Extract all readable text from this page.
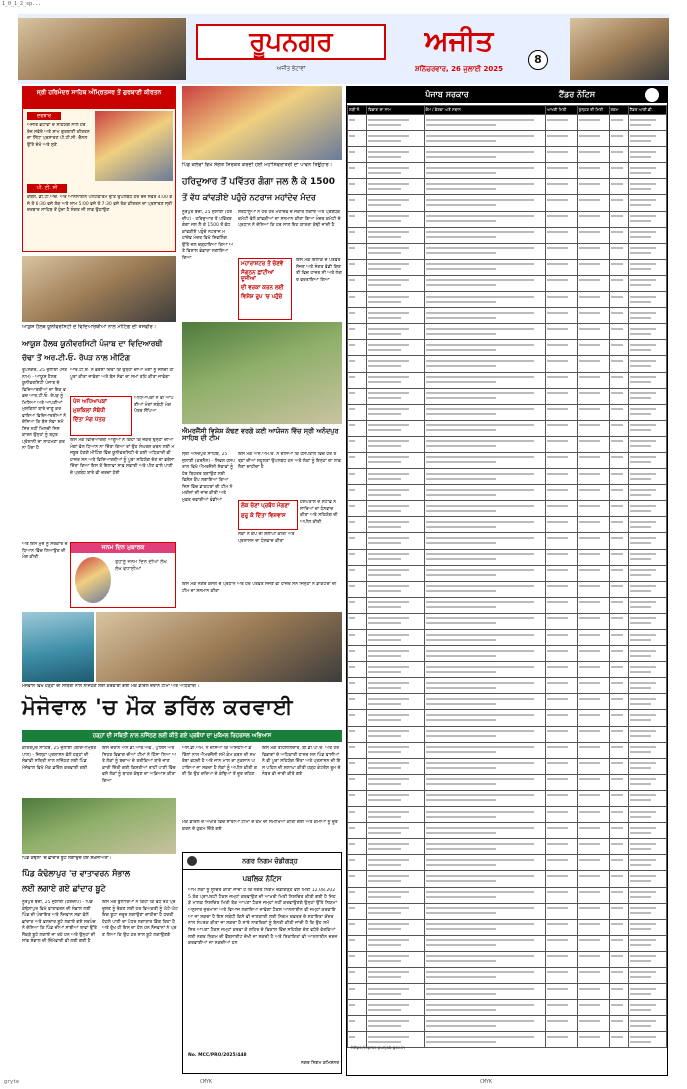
1_0_1_2_sp...
gryte	CMYK	CMYK
ਰੂਪਨਗਰ	ਅਜੀਤ
ਅਜੀਤ ਭੇਟਾਵਾਂ	ਸ਼ਨਿੱਚਰਵਾਰ, 26 ਜੁਲਾਈ 2025
8
ਸ੍ਰੀ ਹਰਿਮੰਦਰ ਸਾਹਿਬ ਅੰਮ੍ਰਿਤਸਰ ਤੋਂ ਗੁਰਬਾਣੀ ਕੀਰਤਨ
ਦਰਬਾਰ
ਅਜੀਤ ਭੇਟਾਵਾਂ ਦੇ ਸਹਿਯੋਗ ਨਾਲ ਹਰ ਰੋਜ਼ ਸਵੇਰੇ ਅਤੇ ਸ਼ਾਮ ਗੁਰਬਾਣੀ ਕੀਰਤਨ ਦਾ ਸਿੱਧਾ ਪ੍ਰਸਾਰਣ ਪੀ.ਟੀ.ਸੀ. ਚੈਨਲ ਉੱਤੇ ਦੇਖੋ ਅਤੇ ਸੁਣੋ
ਪੀ. ਟੀ. ਸੀ
ਕੇਬਲ, ਡੀ.ਟੀ.ਐੱਚ. ਅਤੇ ਆਨਲਾਈਨ ਪਲੇਟਫਾਰਮ ਉੱਤੇ ਉਪਲਬਧ ਹਰ ਰੋਜ਼ ਸਵੇਰੇ 4:00 ਵਜੇ ਤੋਂ 6:30 ਵਜੇ ਤੱਕ ਅਤੇ ਸ਼ਾਮ 5:00 ਵਜੇ ਤੋਂ 7:30 ਵਜੇ ਤੱਕ ਕੀਰਤਨ ਦਾ ਪ੍ਰਸਾਰਣ ਸ੍ਰੀ ਦਰਬਾਰ ਸਾਹਿਬ ਤੋਂ ਹੁੰਦਾ ਹੈ ਸੰਗਤ ਜੀ ਲਾਭ ਉਠਾਉਣ
ਪਿੰਡ ਕਲੇਰਾਂ ਵਿਖੇ ਸੰਗਤ ਸ਼ਿਰਕਤ ਕਰਦੀ ਹੋਈ ਮਹਾਂਸ਼ਿਵਰਾਤਰੀ ਦਾ ਪਾਵਨ ਤਿਉਹਾਰ।
ਹਰਿਦੁਆਰ ਤੋਂ ਪਵਿੱਤਰ ਗੰਗਾ ਜਲ ਲੈ ਕੇ 1500
ਤੋਂ ਵੱਧ ਕਾਂਵੜੀਏ ਪਹੁੰਚੇ ਨਟਰਾਜ ਮਹਾਂਦੇਵ ਮੰਦਰ
ਨੂਰਪੁਰ ਬੇਦੀ, 25 ਜੁਲਾਈ (ਹਰਦੀਪ) - ਹਰਿਦੁਆਰ ਤੋਂ ਪਵਿੱਤਰ ਗੰਗਾ ਜਲ ਲੈ ਕੇ 1500 ਤੋਂ ਵੱਧ ਕਾਂਵੜੀਏ ਪਹੁੰਚੇ ਨਟਰਾਜ ਮਹਾਂਦੇਵ ਮੰਦਰ ਵਿਖੇ ਸ਼ਿਵਲਿੰਗ ਉੱਤੇ ਜਲ ਚੜ੍ਹਾਇਆ ਗਿਆ ਅਤੇ ਵਿਸ਼ਾਲ ਭੰਡਾਰਾ ਲਗਾਇਆ ਗਿਆ
ਮਹਾਰਾਸ਼ਟਰ ਤੋਂ ਚੋਣਵੇਂ
ਸੰਗਠਨ ਛਾਂਟੀਆਂ ਦੂਜੀਆਂ
ਦੀ ਵਰਕਾ ਕਰਨ ਲਈ
ਵਿਸ਼ੇਸ਼ ਰੂਪ 'ਚ ਪਹੁੰਚੇ
ਸ਼ਰਧਾਲੂਆਂ ਨੇ ਹਰ ਹਰ ਮਹਾਂਦੇਵ ਦੇ ਜੈਕਾਰੇ ਲਗਾਏ ਅਤੇ ਪ੍ਰਬੰਧਕ ਕਮੇਟੀ ਵੱਲੋਂ ਕਾਂਵੜੀਆਂ ਦਾ ਸਨਮਾਨ ਕੀਤਾ ਗਿਆ ਮੰਦਰ ਕਮੇਟੀ ਦੇ ਪ੍ਰਧਾਨ ਨੇ ਦੱਸਿਆ ਕਿ ਹਰ ਸਾਲ ਇਹ ਯਾਤਰਾ ਕੱਢੀ ਜਾਂਦੀ ਹੈ
ਇਸ ਮੌਕੇ ਇਲਾਕੇ ਦੇ ਪਤਵੰਤੇ ਸੱਜਣ ਅਤੇ ਸੰਗਤ ਵੱਡੀ ਗਿਣਤੀ ਵਿਚ ਹਾਜ਼ਰ ਸੀ ਅਤੇ ਲੰਗਰ ਵਰਤਾਇਆ ਗਿਆ
ਆਯੁਸ਼ ਹੈਲਥ ਯੂਨੀਵਰਸਿਟੀ ਦੇ ਵਿਦਿਆਰਥੀਆਂ ਨਾਲ ਮੀਟਿੰਗ ਦੀ ਤਸਵੀਰ।
ਆਯੂਸ਼ ਹੈਲਥ ਯੂਨੀਵਰਸਿਟੀ ਪੰਜਾਬ ਦਾ ਵਿਦਿਆਰਥੀ
ਚੱਢਾ ਤੋਂ ਅਰ.ਟੀ.ਓ. ਰੋਪੜ ਨਾਲ ਮੀਟਿੰਗ
ਰੂਪਨਗਰ, 25 ਜੁਲਾਈ (ਸਤਨਾਮ) - ਆਯੂਸ਼ ਹੈਲਥ ਯੂਨੀਵਰਸਿਟੀ ਪੰਜਾਬ ਦੇ ਵਿਦਿਆਰਥੀਆਂ ਦਾ ਇਕ ਵਫ਼ਦ ਆਰ.ਟੀ.ਓ. ਰੋਪੜ ਨੂੰ ਮਿਲਿਆ ਅਤੇ ਆਪਣੀਆਂ ਮੁਸ਼ਕਿਲਾਂ ਬਾਰੇ ਜਾਣੂ ਕਰਵਾਇਆ ਵਿਦਿਆਰਥੀਆਂ ਨੇ ਦੱਸਿਆ ਕਿ ਬੱਸ ਸੇਵਾ ਸਮੇਂ ਸਿਰ ਨਹੀਂ ਮਿਲਦੀ ਜਿਸ ਕਾਰਨ ਉਨ੍ਹਾਂ ਨੂੰ ਬਹੁਤ ਪ੍ਰੇਸ਼ਾਨੀ ਦਾ ਸਾਹਮਣਾ ਕਰਨਾ ਪੈਂਦਾ ਹੈ
ਪੰਜ ਅਧਿਆਪਕਾਂ
ਮੁਸ਼ਕਿਲਾਂ ਸੰਬੰਧੀ
ਦਿੱਤਾ ਮੰਗ ਪੱਤਰ
ਆਰ.ਟੀ.ਓ. ਨੇ ਭਰੋਸਾ ਦਿੱਤਾ ਕਿ ਉਨ੍ਹਾਂ ਦੀਆਂ ਮੰਗਾਂ ਨੂੰ ਜਲਦੀ ਹੀ ਪੂਰਾ ਕੀਤਾ ਜਾਵੇਗਾ ਅਤੇ ਬੱਸ ਸੇਵਾ ਦਾ ਸਮਾਂ ਤਹਿ ਕੀਤਾ ਜਾਵੇਗਾ
ਅਧਿਆਪਕਾਂ ਨੇ ਵੀ ਆਪਣੀਆਂ ਮੰਗਾਂ ਸਬੰਧੀ ਮੰਗ ਪੱਤਰ ਸੌਂਪਿਆ
ਇਸ ਮੌਕੇ ਵਿਦਿਆਰਥੀ ਆਗੂਆਂ ਨੇ ਕਿਹਾ ਕਿ ਜੇਕਰ ਉਨ੍ਹਾਂ ਦੀਆਂ ਮੰਗਾਂ ਵੱਲ ਧਿਆਨ ਨਾ ਦਿੱਤਾ ਗਿਆ ਤਾਂ ਉਹ ਸੰਘਰਸ਼ ਕਰਨ ਲਈ ਮਜਬੂਰ ਹੋਣਗੇ ਮੀਟਿੰਗ ਵਿੱਚ ਯੂਨੀਵਰਸਿਟੀ ਦੇ ਕਈ ਅਧਿਕਾਰੀ ਵੀ ਹਾਜ਼ਰ ਸਨ ਅਤੇ ਵਿਦਿਆਰਥੀਆਂ ਨੂੰ ਪੂਰਾ ਸਹਿਯੋਗ ਦੇਣ ਦਾ ਭਰੋਸਾ ਦਿੱਤਾ ਗਿਆ ਇਸ ਤੋਂ ਇਲਾਵਾ ਸਾਫ਼ ਸਫਾਈ ਅਤੇ ਪੀਣ ਵਾਲੇ ਪਾਣੀ ਦੇ ਪ੍ਰਬੰਧ ਬਾਰੇ ਵੀ ਚਰਚਾ ਹੋਈ
ਐਮਰਜੈਂਸੀ ਵਿਸ਼ੇਸ਼ ਕੱਢਣ ਵਰਗੇ ਕਈ ਆਯੋਜਨ ਵਿੱਚ ਸ੍ਰੀ ਅਨੰਦਪੁਰ ਸਾਹਿਬ ਦੀ ਟੀਮ
ਸ੍ਰੀ ਅਨੰਦਪੁਰ ਸਾਹਿਬ, 25 ਜੁਲਾਈ (ਕਰਨੈਲ) - ਸਿਵਲ ਹਸਪਤਾਲ ਵਿਖੇ ਐਮਰਜੈਂਸੀ ਸੇਵਾਵਾਂ ਨੂੰ ਹੋਰ ਬਿਹਤਰ ਬਣਾਉਣ ਲਈ ਵਿਸ਼ੇਸ਼ ਕੈਂਪ ਲਗਾਇਆ ਗਿਆ ਜਿਸ ਵਿੱਚ ਡਾਕਟਰਾਂ ਦੀ ਟੀਮ ਨੇ ਮਰੀਜ਼ਾਂ ਦੀ ਜਾਂਚ ਕੀਤੀ ਅਤੇ ਮੁਫ਼ਤ ਦਵਾਈਆਂ ਵੰਡੀਆਂ
ਲੋਕ ਚੋਣਾਂ ਪ੍ਰਬੰਧ ਮੰਗਣਾ
ਸ਼ੁਰੂ ਕੇ ਦਿੱਤਾ ਵਿਸ਼ਵਾਸ
ਇਸ ਮੌਕੇ ਐੱਸ.ਐੱਮ.ਓ. ਨੇ ਦੱਸਿਆ ਕਿ ਹਸਪਤਾਲ ਵਿੱਚ ਹਰ ਤਰ੍ਹਾਂ ਦੀਆਂ ਸਹੂਲਤਾਂ ਉਪਲਬਧ ਹਨ ਅਤੇ ਲੋਕਾਂ ਨੂੰ ਇਨ੍ਹਾਂ ਦਾ ਲਾਭ ਲੈਣਾ ਚਾਹੀਦਾ ਹੈ
ਹਸਪਤਾਲ ਦੇ ਸਟਾਫ਼ ਨੇ ਸਾਰਿਆਂ ਦਾ ਧੰਨਵਾਦ ਕੀਤਾ ਅਤੇ ਸਹਿਯੋਗ ਦੀ ਅਪੀਲ ਕੀਤੀ
ਲੋਕਾਂ ਨੇ ਕੈਂਪ ਦੀ ਸ਼ਲਾਘਾ ਕੀਤੀ ਅਤੇ ਪ੍ਰਸ਼ਾਸਨ ਦਾ ਧੰਨਵਾਦ ਕੀਤਾ
ਜਨਮ ਦਿਨ ਮੁਬਾਰਕ
ਤੁਹਾਨੂੰ ਜਨਮ ਦਿਨ ਦੀਆਂ ਲੱਖ ਲੱਖ ਵਧਾਈਆਂ
ਅਤੇ ਇਸ ਮੁੱਦੇ ਨੂੰ ਸਰਕਾਰ ਦੇ ਧਿਆਨ ਵਿੱਚ ਲਿਆਉਣ ਦੀ ਮੰਗ ਕੀਤੀ
ਇਸ ਮੌਕੇ ਨਗਰ ਕੌਂਸਲ ਦੇ ਪ੍ਰਧਾਨ ਅਤੇ ਹੋਰ ਪਤਵੰਤੇ ਸੱਜਣ ਵੀ ਹਾਜ਼ਰ ਸਨ ਜਿਨ੍ਹਾਂ ਨੇ ਡਾਕਟਰਾਂ ਦੀ ਟੀਮ ਦਾ ਸਨਮਾਨ ਕੀਤਾ
ਮੋਜੋਵਾਲ ਵਿਖੇ ਹੜ੍ਹਾਂ ਦੀ ਸਥਿਤੀ ਨਾਲ ਨਜਿੱਠਣ ਲਈ ਕਰਵਾਈ ਗਈ ਮੌਕ ਡਰਿੱਲ ਦੌਰਾਨ ਟੀਮਾਂ ਅਤੇ ਅਧਿਕਾਰੀ।
ਮੋਜੋਵਾਲ 'ਚ ਮੌਕ ਡਰਿੱਲ ਕਰਵਾਈ
ਹੜ੍ਹਾਂ ਦੀ ਸਥਿਤੀ ਨਾਲ ਨਜਿੱਠਣ ਲਈ ਕੀਤੇ ਗਏ ਪ੍ਰਬੰਧਾਂ ਦਾ ਮੁਕੰਮਲ ਰਿਹਰਸਲ ਅਭਿਆਸ
ਕੀਰਤਪੁਰ ਸਾਹਿਬ, 25 ਜੁਲਾਈ (ਬੀਰਅੰਮ੍ਰਿਤਪਾਲ) - ਜ਼ਿਲ੍ਹਾ ਪ੍ਰਸ਼ਾਸਨ ਵੱਲੋਂ ਹੜ੍ਹਾਂ ਦੀ ਸੰਭਾਵੀ ਸਥਿਤੀ ਨਾਲ ਨਜਿੱਠਣ ਲਈ ਪਿੰਡ ਮੋਜੋਵਾਲ ਵਿਖੇ ਮੌਕ ਡਰਿੱਲ ਕਰਵਾਈ ਗਈ
ਇਸ ਦੌਰਾਨ ਐੱਨ.ਡੀ.ਆਰ.ਐੱਫ., ਪੁਲਿਸ ਅਤੇ ਸਿਹਤ ਵਿਭਾਗ ਦੀਆਂ ਟੀਮਾਂ ਨੇ ਹਿੱਸਾ ਲਿਆ ਅਤੇ ਲੋਕਾਂ ਨੂੰ ਬਚਾਅ ਦੇ ਤਰੀਕਿਆਂ ਬਾਰੇ ਜਾਣਕਾਰੀ ਦਿੱਤੀ ਗਈ ਕਿਸ਼ਤੀਆਂ ਰਾਹੀਂ ਪਾਣੀ ਵਿੱਚ ਫਸੇ ਲੋਕਾਂ ਨੂੰ ਬਾਹਰ ਕੱਢਣ ਦਾ ਅਭਿਆਸ ਕੀਤਾ ਗਿਆ
ਐੱਸ.ਡੀ.ਐੱਮ. ਨੇ ਦੱਸਿਆ ਕਿ ਅਜਿਹੀਆਂ ਡਰਿੱਲਾਂ ਨਾਲ ਐਮਰਜੈਂਸੀ ਸਮੇਂ ਕੰਮ ਕਰਨ ਦੀ ਸਮਰੱਥਾ ਵਧਦੀ ਹੈ ਅਤੇ ਜਾਨ ਮਾਲ ਦਾ ਨੁਕਸਾਨ ਘਟਾਇਆ ਜਾ ਸਕਦਾ ਹੈ ਲੋਕਾਂ ਨੂੰ ਅਪੀਲ ਕੀਤੀ ਗਈ ਕਿ ਉਹ ਦਰਿਆ ਦੇ ਕੰਢਿਆਂ ਤੋਂ ਦੂਰ ਰਹਿਣ
ਇਸ ਮੌਕੇ ਤਹਿਸੀਲਦਾਰ, ਬੀ.ਡੀ.ਪੀ.ਓ. ਅਤੇ ਹੋਰ ਵਿਭਾਗਾਂ ਦੇ ਅਧਿਕਾਰੀ ਹਾਜ਼ਰ ਸਨ ਪਿੰਡ ਵਾਸੀਆਂ ਨੇ ਵੀ ਪੂਰਾ ਸਹਿਯੋਗ ਦਿੱਤਾ ਅਤੇ ਪ੍ਰਸ਼ਾਸਨ ਦੀ ਇਸ ਪਹਿਲ ਦੀ ਸ਼ਲਾਘਾ ਕੀਤੀ ਹੜ੍ਹ ਕੰਟਰੋਲ ਰੂਮ ਦੇ ਨੰਬਰ ਵੀ ਜਾਰੀ ਕੀਤੇ ਗਏ
ਪਿੰਡ ਕੰਢੋਲਾ 'ਚ ਛਾਂਦਾਰ ਬੂਟੇ ਲਗਾਉਂਦੇ ਹੋਏ ਸ਼ਖ਼ਸੀਅਤਾਂ।
ਪਿੰਡ ਕੰਢੋਲਾਪੁਰ 'ਚ ਵਾਤਾਵਰਨ ਸੰਭਾਲ
ਲਈ ਲਗਾਏ ਗਏ ਛਾਂਦਾਰ ਬੂਟੇ
ਨੂਰਪੁਰ ਬੇਦੀ, 25 ਜੁਲਾਈ (ਹਰਦੀਪ) - ਪਿੰਡ ਕੰਢੋਲਾਪੁਰ ਵਿਖੇ ਵਾਤਾਵਰਨ ਦੀ ਸੰਭਾਲ ਲਈ ਪਿੰਡ ਦੀ ਪੰਚਾਇਤ ਅਤੇ ਨੌਜਵਾਨ ਸਭਾ ਵੱਲੋਂ ਛਾਂਦਾਰ ਅਤੇ ਫਲਦਾਰ ਬੂਟੇ ਲਗਾਏ ਗਏ ਸਰਪੰਚ ਨੇ ਦੱਸਿਆ ਕਿ ਪਿੰਡ ਦੀਆਂ ਸਾਂਝੀਆਂ ਥਾਵਾਂ ਉੱਤੇ ਸੈਂਕੜੇ ਬੂਟੇ ਲਗਾਏ ਜਾ ਰਹੇ ਹਨ ਅਤੇ ਉਨ੍ਹਾਂ ਦੀ ਸਾਂਭ ਸੰਭਾਲ ਦੀ ਜ਼ਿੰਮੇਵਾਰੀ ਵੀ ਲਈ ਗਈ ਹੈ
ਇਸ ਮੌਕੇ ਬੁਲਾਰਿਆਂ ਨੇ ਕਿਹਾ ਕਿ ਵਧ ਰਹੇ ਪ੍ਰਦੂਸ਼ਣ ਨੂੰ ਰੋਕਣ ਲਈ ਹਰ ਵਿਅਕਤੀ ਨੂੰ ਘੱਟੋ-ਘੱਟ ਇਕ ਬੂਟਾ ਜ਼ਰੂਰ ਲਗਾਉਣਾ ਚਾਹੀਦਾ ਹੈ ਧਰਤੀ ਹੇਠਲੇ ਪਾਣੀ ਦਾ ਪੱਧਰ ਲਗਾਤਾਰ ਡਿੱਗ ਰਿਹਾ ਹੈ ਅਤੇ ਰੁੱਖ ਹੀ ਇਸ ਦਾ ਹੱਲ ਹਨ ਨੌਜਵਾਨਾਂ ਨੇ ਪ੍ਰਣ ਲਿਆ ਕਿ ਉਹ ਹਰ ਸਾਲ ਬੂਟੇ ਲਗਾਉਣਗੇ
ਮੌਕ ਡਰਿੱਲ ਦੇ ਅਖੀਰ ਵਿੱਚ ਸਾਰੀਆਂ ਟੀਮਾਂ ਦੇ ਕੰਮ ਦੀ ਸਮੀਖਿਆ ਕੀਤੀ ਗਈ ਅਤੇ ਕਮੀਆਂ ਨੂੰ ਦੂਰ ਕਰਨ ਦੇ ਹੁਕਮ ਦਿੱਤੇ ਗਏ
ਨਗਰ ਨਿਗਮ ਚੰਡੀਗੜ੍ਹ
ਪਬਲਿਕ ਨੋਟਿਸ
ਆਮ ਲੋਕਾਂ ਨੂੰ ਸੂਚਿਤ ਕੀਤਾ ਜਾਂਦਾ ਹੈ ਕਿ ਨਗਰ ਨਿਗਮ ਚੰਡੀਗੜ੍ਹ ਵੱਲੋਂ ਮਿਤੀ 12.08.2025 ਤੱਕ ਪ੍ਰਾਪਰਟੀ ਟੈਕਸ ਜਮ੍ਹਾਂ ਕਰਵਾਉਣ ਦੀ ਆਖਰੀ ਮਿਤੀ ਨਿਸ਼ਚਿਤ ਕੀਤੀ ਗਈ ਹੈ ਜਿਹੜੇ ਮਾਲਕ ਨਿਸ਼ਚਿਤ ਮਿਤੀ ਤੱਕ ਆਪਣਾ ਟੈਕਸ ਜਮ੍ਹਾਂ ਨਹੀਂ ਕਰਵਾਉਣਗੇ ਉਨ੍ਹਾਂ ਉੱਤੇ ਨਿਯਮਾਂ ਅਨੁਸਾਰ ਜੁਰਮਾਨਾ ਅਤੇ ਵਿਆਜ ਲਗਾਇਆ ਜਾਵੇਗਾ ਟੈਕਸ ਆਨਲਾਈਨ ਵੀ ਜਮ੍ਹਾਂ ਕਰਵਾਇਆ ਜਾ ਸਕਦਾ ਹੈ ਇਸ ਸਬੰਧੀ ਕਿਸੇ ਵੀ ਜਾਣਕਾਰੀ ਲਈ ਨਿਗਮ ਦਫ਼ਤਰ ਦੇ ਸਹਾਇਤਾ ਕੇਂਦਰ ਨਾਲ ਸੰਪਰਕ ਕੀਤਾ ਜਾ ਸਕਦਾ ਹੈ ਸਾਰੇ ਨਾਗਰਿਕਾਂ ਨੂੰ ਬੇਨਤੀ ਕੀਤੀ ਜਾਂਦੀ ਹੈ ਕਿ ਉਹ ਸਮੇਂ ਸਿਰ ਆਪਣਾ ਟੈਕਸ ਜਮ੍ਹਾਂ ਕਰਵਾ ਕੇ ਸ਼ਹਿਰ ਦੇ ਵਿਕਾਸ ਵਿੱਚ ਸਹਿਯੋਗ ਦੇਣ ਵਧੇਰੇ ਵੇਰਵਿਆਂ ਲਈ ਨਗਰ ਨਿਗਮ ਦੀ ਵੈੱਬਸਾਈਟ ਦੇਖੀ ਜਾ ਸਕਦੀ ਹੈ ਅਤੇ ਸ਼ਿਕਾਇਤਾਂ ਵੀ ਆਨਲਾਈਨ ਦਰਜ ਕਰਵਾਈਆਂ ਜਾ ਸਕਦੀਆਂ ਹਨ
No. MCC/PRO/2025/448
ਨਗਰ ਨਿਗਮ ਕਮਿਸ਼ਨਰ
ਪੰਜਾਬ ਸਰਕਾਰ	ਟੈਂਡਰ ਨੋਟਿਸ
ਲੜੀ ਨੰ.	ਵਿਭਾਗ ਦਾ ਨਾਮ	ਕੰਮ / ਵੇਰਵਾ ਅਤੇ ਸਥਾਨ	ਆਖਰੀ ਮਿਤੀ	ਖੁੱਲ੍ਹਣ ਦੀ ਮਿਤੀ	ਰਕਮ	ਟੈਂਡਰ ਆਈ.ਡੀ.

https://eproc.punjab.gov.in
